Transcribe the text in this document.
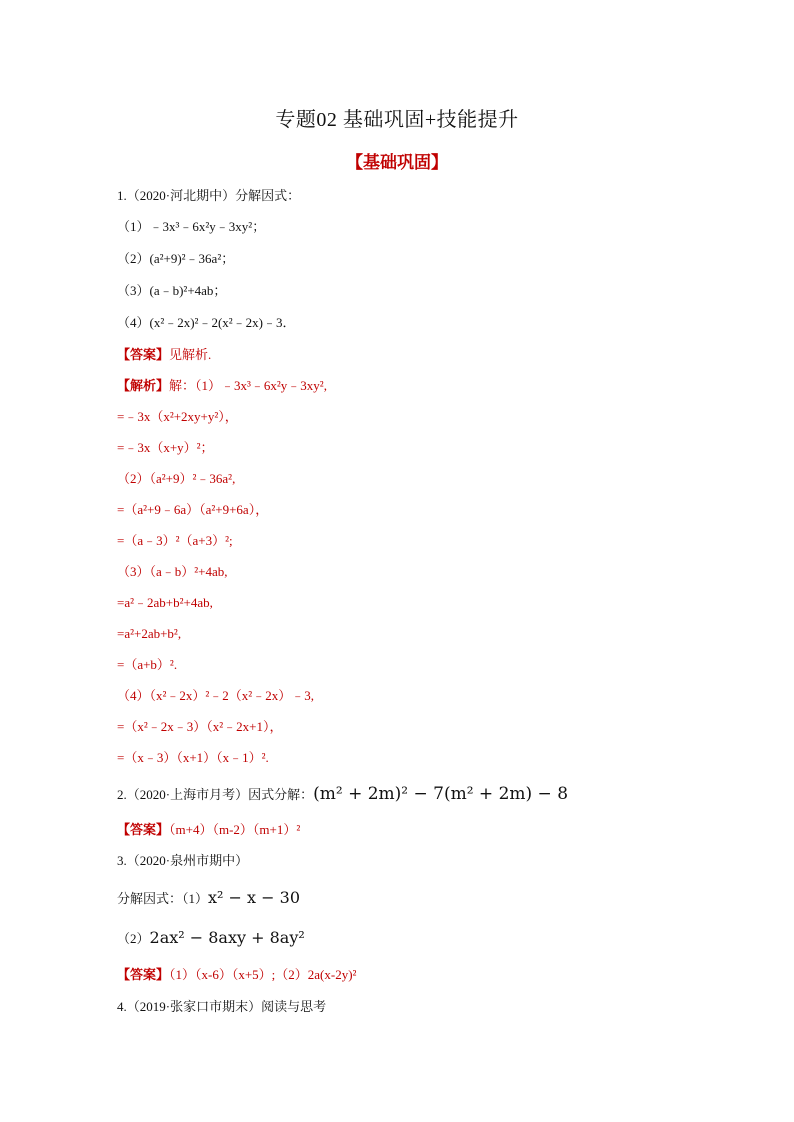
专题02 基础巩固+技能提升
【基础巩固】
1.（2020·河北期中）分解因式：
（1）﹣3x³﹣6x²y﹣3xy²；
（2）(a²+9)²﹣36a²；
（3）(a﹣b)²+4ab；
（4）(x²﹣2x)²﹣2(x²﹣2x)﹣3．
【答案】见解析.
【解析】解：（1）﹣3x³﹣6x²y﹣3xy²,
=﹣3x（x²+2xy+y²），
=﹣3x（x+y）²；
（2）（a²+9）²﹣36a²,
=（a²+9﹣6a）（a²+9+6a），
=（a﹣3）²（a+3）²;
（3）（a﹣b）²+4ab,
=a²﹣2ab+b²+4ab,
=a²+2ab+b²,
=（a+b）².
（4）（x²﹣2x）²﹣2（x²﹣2x）﹣3,
=（x²﹣2x﹣3）（x²﹣2x+1），
=（x﹣3）（x+1）（x﹣1）².
2.（2020·上海市月考）因式分解：(m² + 2m)² − 7(m² + 2m) − 8
【答案】（m+4）（m-2）（m+1）²
3.（2020·泉州市期中）
分解因式：（1）x² − x − 30
（2）2ax² − 8axy + 8ay²
【答案】（1）（x-6）（x+5）;（2）2a(x-2y)²
4.（2019·张家口市期末）阅读与思考
